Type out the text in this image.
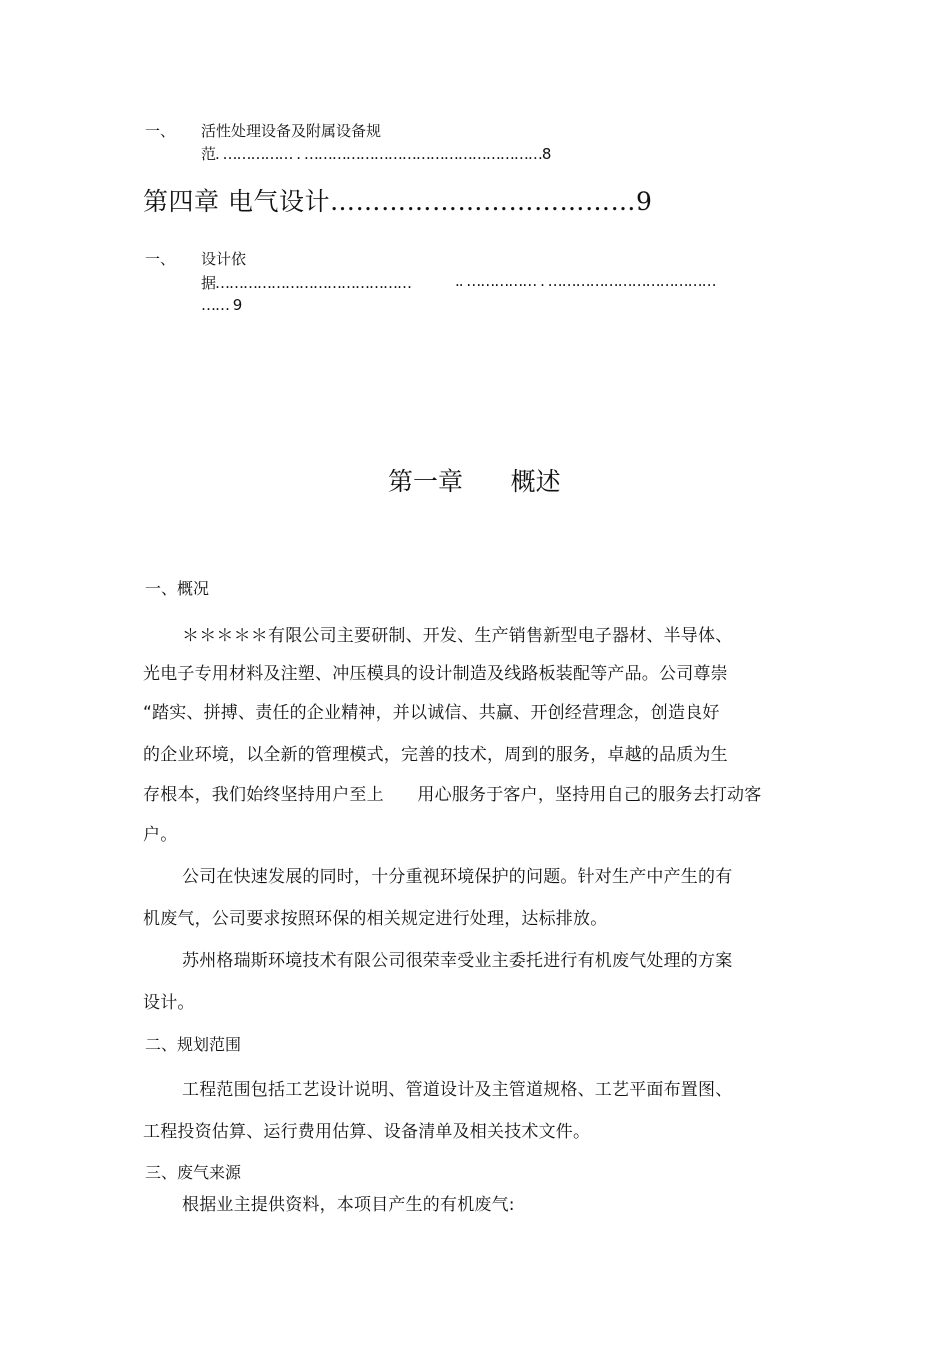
一、 活性处理设备及附属设备规
范. …………… . ……………………………………………8
第四章 电气设计………………………………9
一、 设计依
据……………………………………	.. …………… . ………………………………
…… 9
第一章      概述
一、概况
＊＊＊＊＊有限公司主要研制、开发、生产销售新型电子器材、半导体、
光电子专用材料及注塑、冲压模具的设计制造及线路板装配等产品。公司尊崇
“踏实、拼搏、责任的企业精神，并以诚信、共赢、开创经营理念，创造良好
的企业环境，以全新的管理模式，完善的技术，周到的服务，卓越的品质为生
存根本，我们始终坚持用户至上      用心服务于客户，坚持用自己的服务去打动客
户。
公司在快速发展的同时，十分重视环境保护的问题。针对生产中产生的有
机废气，公司要求按照环保的相关规定进行处理，达标排放。
苏州格瑞斯环境技术有限公司很荣幸受业主委托进行有机废气处理的方案
设计。
二、规划范围
工程范围包括工艺设计说明、管道设计及主管道规格、工艺平面布置图、
工程投资估算、运行费用估算、设备清单及相关技术文件。
三、废气来源
根据业主提供资料，本项目产生的有机废气:
